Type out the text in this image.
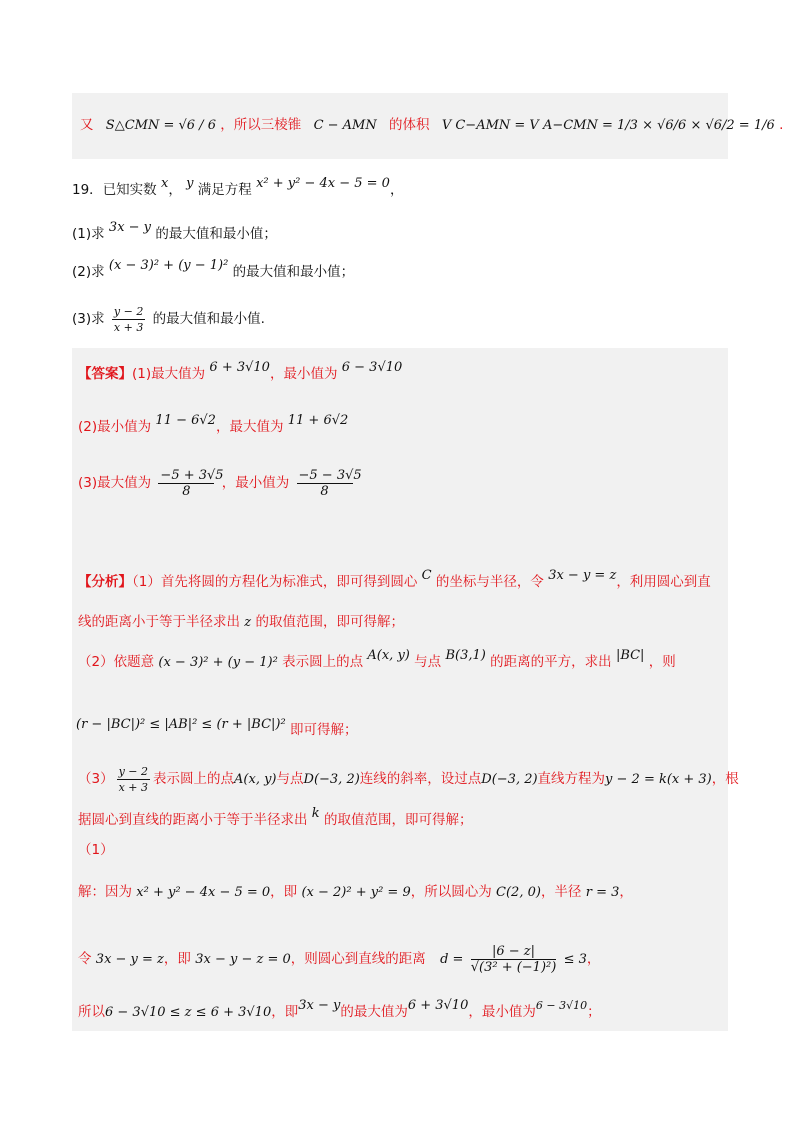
又 S△CMN = √6 / 6 ，所以三棱锥 C − AMN 的体积 V C−AMN = V A−CMN = 1/3 × √6/6 × √6/2 = 1/6 .
19．已知实数 x， y 满足方程 x² + y² − 4x − 5 = 0，
(1)求 3x − y 的最大值和最小值；
(2)求 (x − 3)² + (y − 1)² 的最大值和最小值；
(3)求 $\frac{y - 2}{x + 3}$ 的最大值和最小值.
【答案】(1)最大值为 6 + 3√10，最小值为 6 − 3√10
(2)最小值为 11 − 6√2，最大值为 11 + 6√2
(3)最大值为 $\frac{-5 + 3√5}{8}$ ，最小值为 $\frac{-5 - 3√5}{8}$
【分析】（1）首先将圆的方程化为标准式，即可得到圆心 C 的坐标与半径，令 3x − y = z，利用圆心到直
线的距离小于等于半径求出 z 的取值范围，即可得解；
（2）依题意 (x − 3)² + (y − 1)² 表示圆上的点 A(x, y) 与点 B(3,1) 的距离的平方，求出 |BC| ，则
(r − |BC|)² ≤ |AB|² ≤ (r + |BC|)² 即可得解；
$(3) \frac{y - 2}{x + 3}$ 表示圆上的点A(x, y)与点D(−3, 2)连线的斜率，设过点D(−3, 2)直线方程为y − 2 = k(x + 3)，根
据圆心到直线的距离小于等于半径求出 k 的取值范围，即可得解；
（1）
解：因为 x² + y² − 4x − 5 = 0，即 (x − 2)² + y² = 9，所以圆心为 C(2, 0)，半径 r = 3，
令 3x − y = z，即 3x − y − z = 0，则圆心到直线的距离 $d = \frac{|6 - z|}{\text{√(3² + (−1)²)}} \le 3$，
所以6 − 3√10 ≤ z ≤ 6 + 3√10，即3x − y的最大值为6 + 3√10，最小值为$^{6 - 3√10}$；
